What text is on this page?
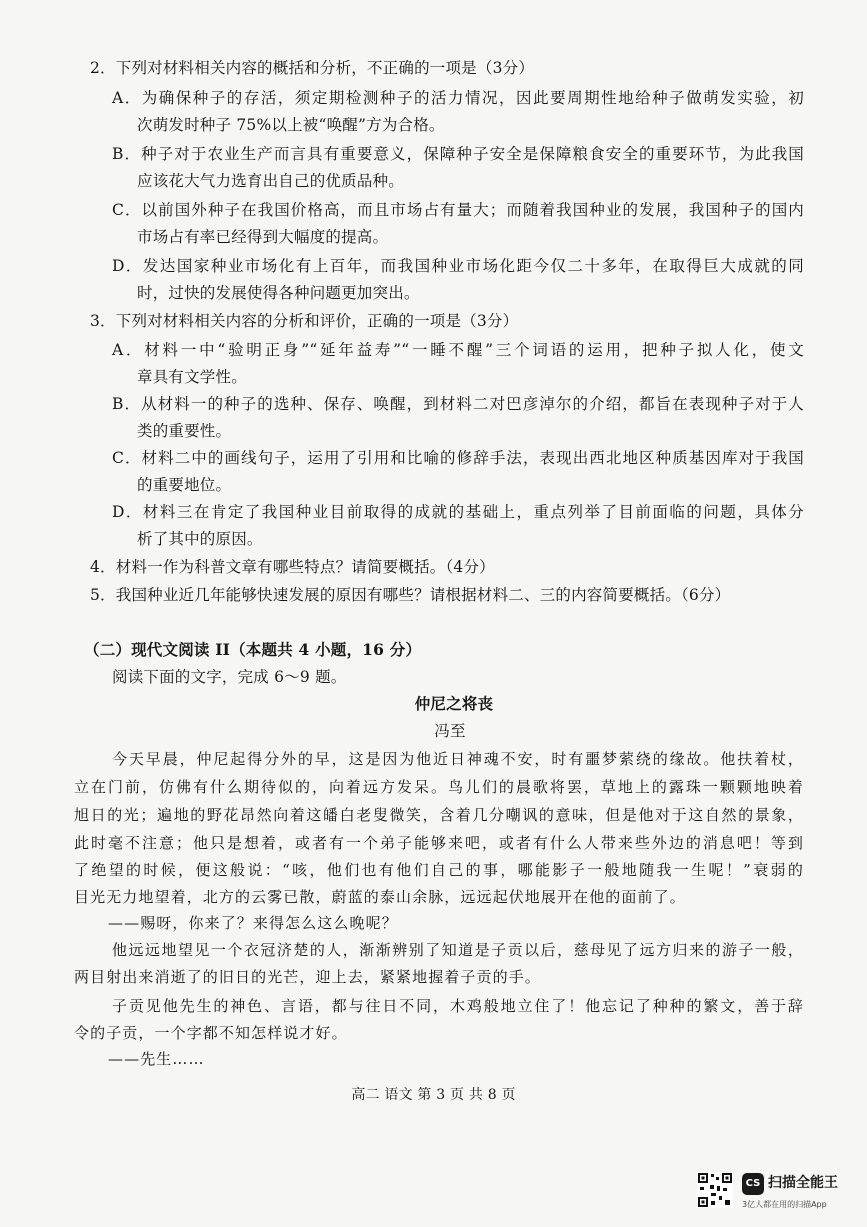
2．下列对材料相关内容的概括和分析，不正确的一项是（3分）
A．为确保种子的存活，须定期检测种子的活力情况，因此要周期性地给种子做萌发实验，初
次萌发时种子 75%以上被“唤醒”方为合格。
B．种子对于农业生产而言具有重要意义，保障种子安全是保障粮食安全的重要环节，为此我国
应该花大气力选育出自己的优质品种。
C．以前国外种子在我国价格高，而且市场占有量大；而随着我国种业的发展，我国种子的国内
市场占有率已经得到大幅度的提高。
D．发达国家种业市场化有上百年，而我国种业市场化距今仅二十多年，在取得巨大成就的同
时，过快的发展使得各种问题更加突出。
3．下列对材料相关内容的分析和评价，正确的一项是（3分）
A．材料一中“验明正身”“延年益寿”“一睡不醒”三个词语的运用，把种子拟人化，使文
章具有文学性。
B．从材料一的种子的选种、保存、唤醒，到材料二对巴彦淖尔的介绍，都旨在表现种子对于人
类的重要性。
C．材料二中的画线句子，运用了引用和比喻的修辞手法，表现出西北地区种质基因库对于我国
的重要地位。
D．材料三在肯定了我国种业目前取得的成就的基础上，重点列举了目前面临的问题，具体分
析了其中的原因。
4．材料一作为科普文章有哪些特点？请简要概括。（4分）
5．我国种业近几年能够快速发展的原因有哪些？请根据材料二、三的内容简要概括。（6分）
（二）现代文阅读 II（本题共 4 小题，16 分）
阅读下面的文字，完成 6～9 题。
仲尼之将丧
冯至
今天早晨，仲尼起得分外的早，这是因为他近日神魂不安，时有噩梦萦绕的缘故。他扶着杖，
立在门前，仿佛有什么期待似的，向着远方发呆。鸟儿们的晨歌将罢，草地上的露珠一颗颗地映着
旭日的光；遍地的野花昂然向着这皤白老叟微笑，含着几分嘲讽的意味，但是他对于这自然的景象，
此时毫不注意；他只是想着，或者有一个弟子能够来吧，或者有什么人带来些外边的消息吧！等到
了绝望的时候，便这般说：“咳，他们也有他们自己的事，哪能影子一般地随我一生呢！”衰弱的
目光无力地望着，北方的云雾已散，蔚蓝的泰山余脉，远远起伏地展开在他的面前了。
——赐呀，你来了？来得怎么这么晚呢？
他远远地望见一个衣冠济楚的人，渐渐辨别了知道是子贡以后，慈母见了远方归来的游子一般，
两目射出来消逝了的旧日的光芒，迎上去，紧紧地握着子贡的手。
子贡见他先生的神色、言语，都与往日不同，木鸡般地立住了！他忘记了种种的繁文，善于辞
令的子贡，一个字都不知怎样说才好。
——先生……
高二 语文 第 3 页 共 8 页
CS 扫描全能王
3亿人都在用的扫描App
